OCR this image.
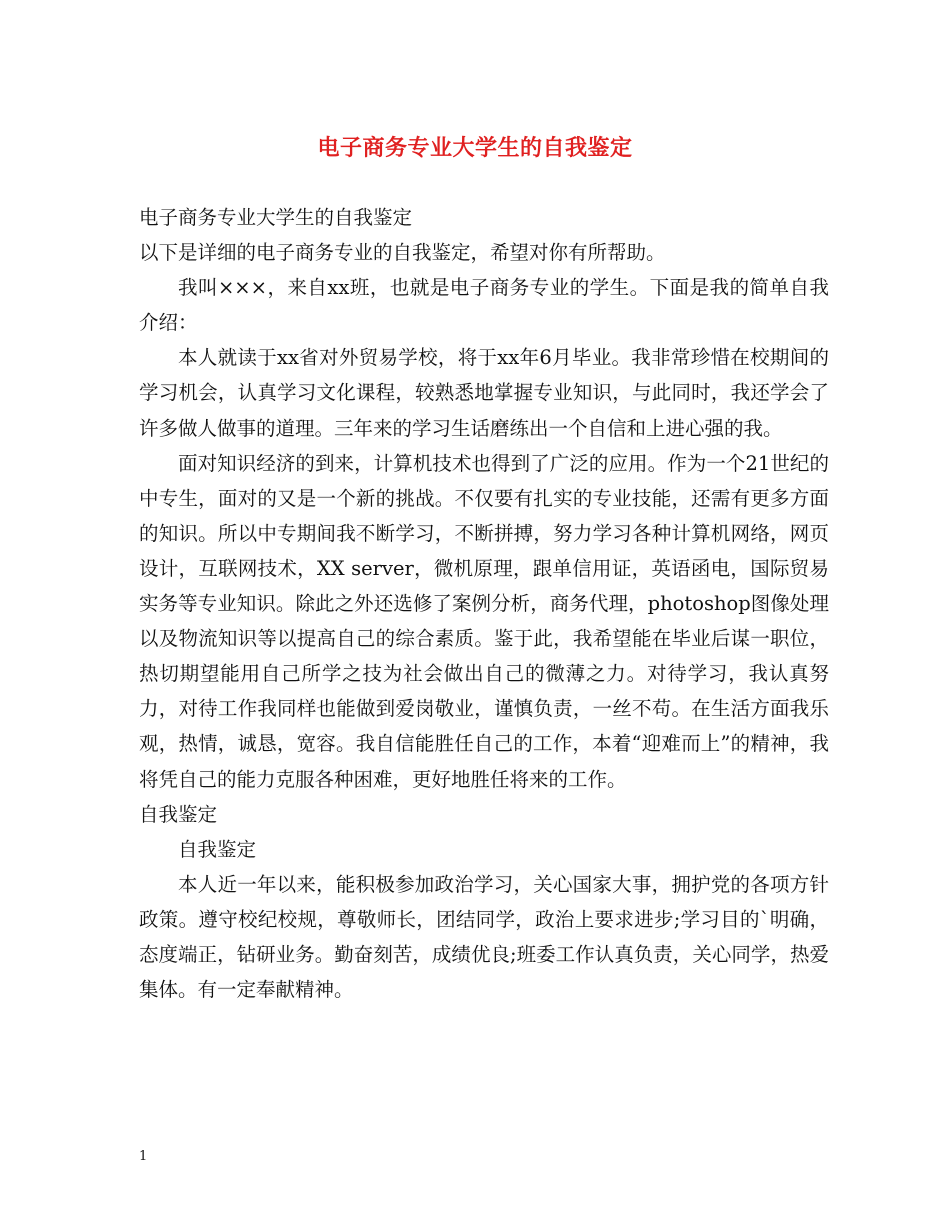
电子商务专业大学生的自我鉴定

电子商务专业大学生的自我鉴定

以下是详细的电子商务专业的自我鉴定，希望对你有所帮助。

我叫×××，来自xx班，也就是电子商务专业的学生。下面是我的简单自我介绍：

本人就读于xx省对外贸易学校，将于xx年6月毕业。我非常珍惜在校期间的学习机会，认真学习文化课程，较熟悉地掌握专业知识，与此同时，我还学会了许多做人做事的道理。三年来的学习生话磨练出一个自信和上进心强的我。

面对知识经济的到来，计算机技术也得到了广泛的应用。作为一个21世纪的中专生，面对的又是一个新的挑战。不仅要有扎实的专业技能，还需有更多方面的知识。所以中专期间我不断学习，不断拼搏，努力学习各种计算机网络，网页设计，互联网技术，XX server，微机原理，跟单信用证，英语函电，国际贸易实务等专业知识。除此之外还选修了案例分析，商务代理，photoshop图像处理以及物流知识等以提高自己的综合素质。鉴于此，我希望能在毕业后谋一职位，热切期望能用自己所学之技为社会做出自己的微薄之力。对待学习，我认真努力，对待工作我同样也能做到爱岗敬业，谨慎负责，一丝不苟。在生活方面我乐观，热情，诚恳，宽容。我自信能胜任自己的工作，本着“迎难而上”的精神，我将凭自己的能力克服各种困难，更好地胜任将来的工作。

自我鉴定

自我鉴定

本人近一年以来，能积极参加政治学习，关心国家大事，拥护党的各项方针政策。遵守校纪校规，尊敬师长，团结同学，政治上要求进步;学习目的`明确，态度端正，钻研业务。勤奋刻苦，成绩优良;班委工作认真负责，关心同学，热爱集体。有一定奉献精神。

1
